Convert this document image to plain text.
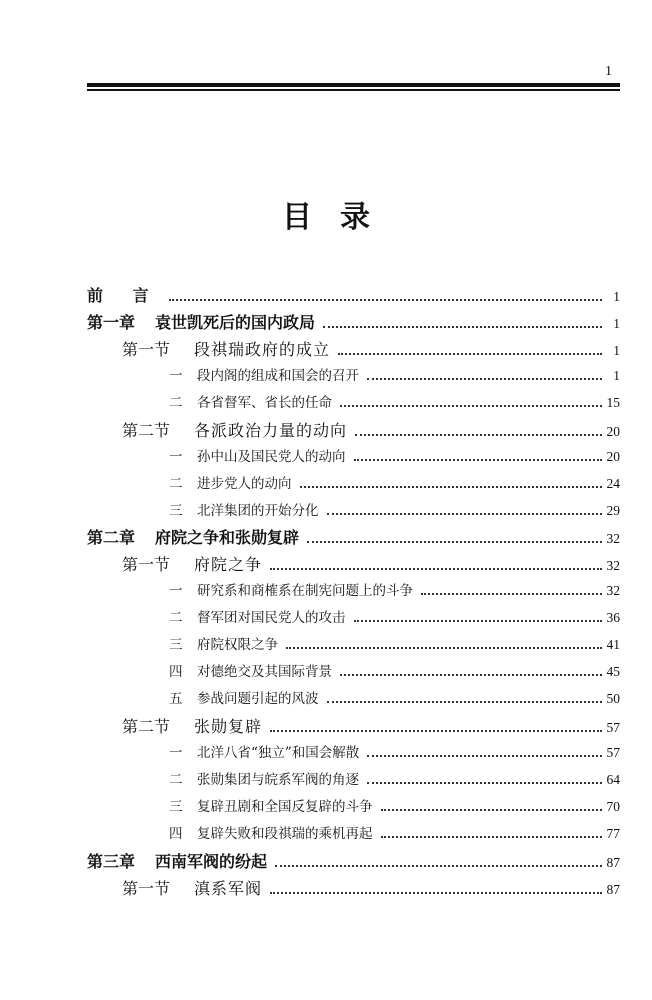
1
目录
前 言	1
第一章	袁世凯死后的国内政局	1
第一节	段祺瑞政府的成立	1
一	段内阁的组成和国会的召开	1
二	各省督军、省长的任命	15
第二节	各派政治力量的动向	20
一	孙中山及国民党人的动向	20
二	进步党人的动向	24
三	北洋集团的开始分化	29
第二章	府院之争和张勋复辟	32
第一节	府院之争	32
一	研究系和商榷系在制宪问题上的斗争	32
二	督军团对国民党人的攻击	36
三	府院权限之争	41
四	对德绝交及其国际背景	45
五	参战问题引起的风波	50
第二节	张勋复辟	57
一	北洋八省“独立”和国会解散	57
二	张勋集团与皖系军阀的角逐	64
三	复辟丑剧和全国反复辟的斗争	70
四	复辟失败和段祺瑞的乘机再起	77
第三章	西南军阀的纷起	87
第一节	滇系军阀	87
